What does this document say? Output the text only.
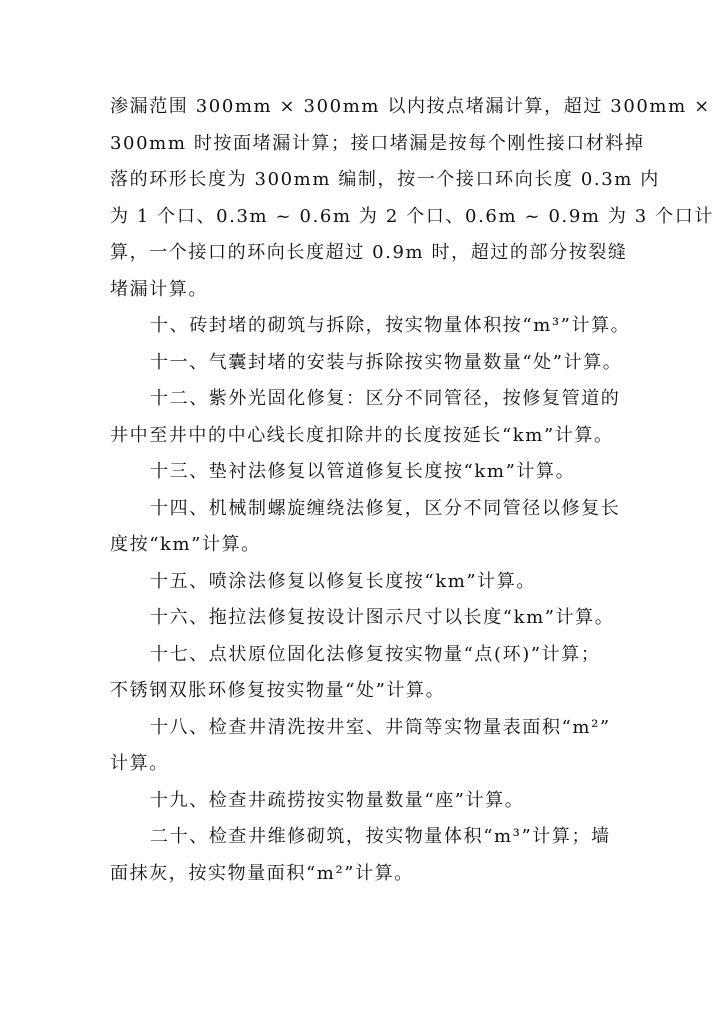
渗漏范围 300mm × 300mm 以内按点堵漏计算，超过 300mm ×
300mm 时按面堵漏计算；接口堵漏是按每个刚性接口材料掉
落的环形长度为 300mm 编制，按一个接口环向长度 0.3m 内
为 1 个口、0.3m ~ 0.6m 为 2 个口、0.6m ~ 0.9m 为 3 个口计
算，一个接口的环向长度超过 0.9m 时，超过的部分按裂缝
堵漏计算。

十、砖封堵的砌筑与拆除，按实物量体积按“m³”计算。

十一、气囊封堵的安装与拆除按实物量数量“处”计算。

十二、紫外光固化修复：区分不同管径，按修复管道的
井中至井中的中心线长度扣除井的长度按延长“km”计算。

十三、垫衬法修复以管道修复长度按“km”计算。

十四、机械制螺旋缠绕法修复，区分不同管径以修复长
度按“km”计算。

十五、喷涂法修复以修复长度按“km”计算。

十六、拖拉法修复按设计图示尺寸以长度“km”计算。

十七、点状原位固化法修复按实物量“点(环)”计算；
不锈钢双胀环修复按实物量“处”计算。

十八、检查井清洗按井室、井筒等实物量表面积“m²”
计算。

十九、检查井疏捞按实物量数量“座”计算。

二十、检查井维修砌筑，按实物量体积“m³”计算；墙
面抹灰，按实物量面积“m²”计算。
